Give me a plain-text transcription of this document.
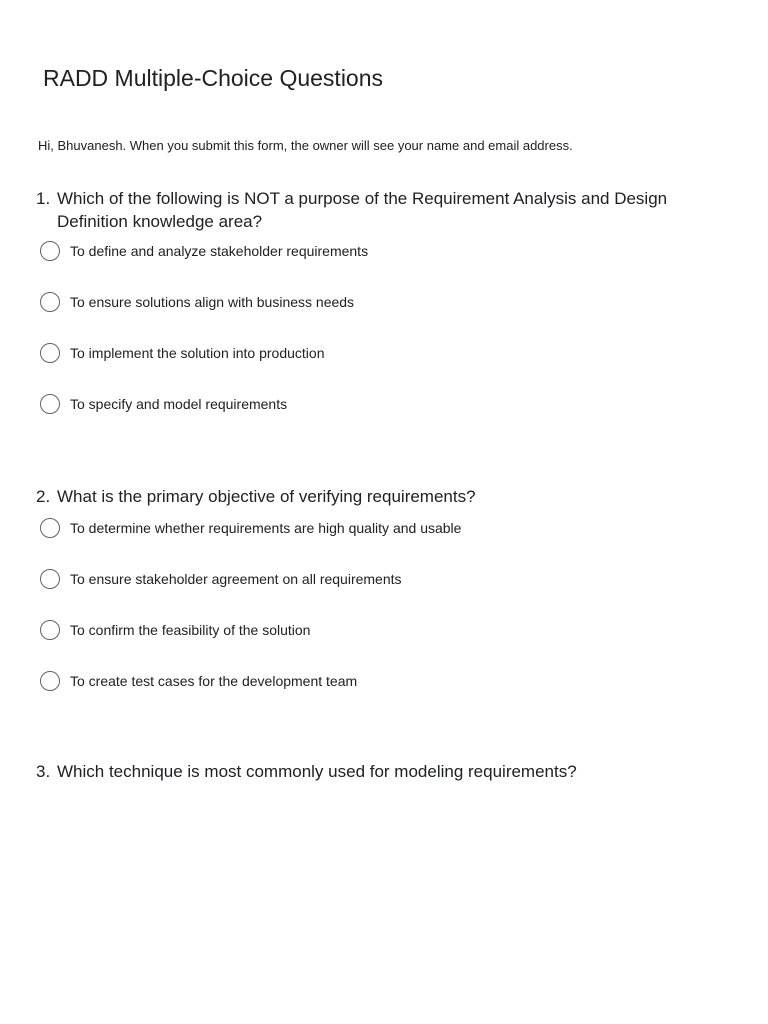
RADD Multiple-Choice Questions
Hi, Bhuvanesh. When you submit this form, the owner will see your name and email address.
1. Which of the following is NOT a purpose of the Requirement Analysis and Design Definition knowledge area?
To define and analyze stakeholder requirements
To ensure solutions align with business needs
To implement the solution into production
To specify and model requirements
2. What is the primary objective of verifying requirements?
To determine whether requirements are high quality and usable
To ensure stakeholder agreement on all requirements
To confirm the feasibility of the solution
To create test cases for the development team
3. Which technique is most commonly used for modeling requirements?
